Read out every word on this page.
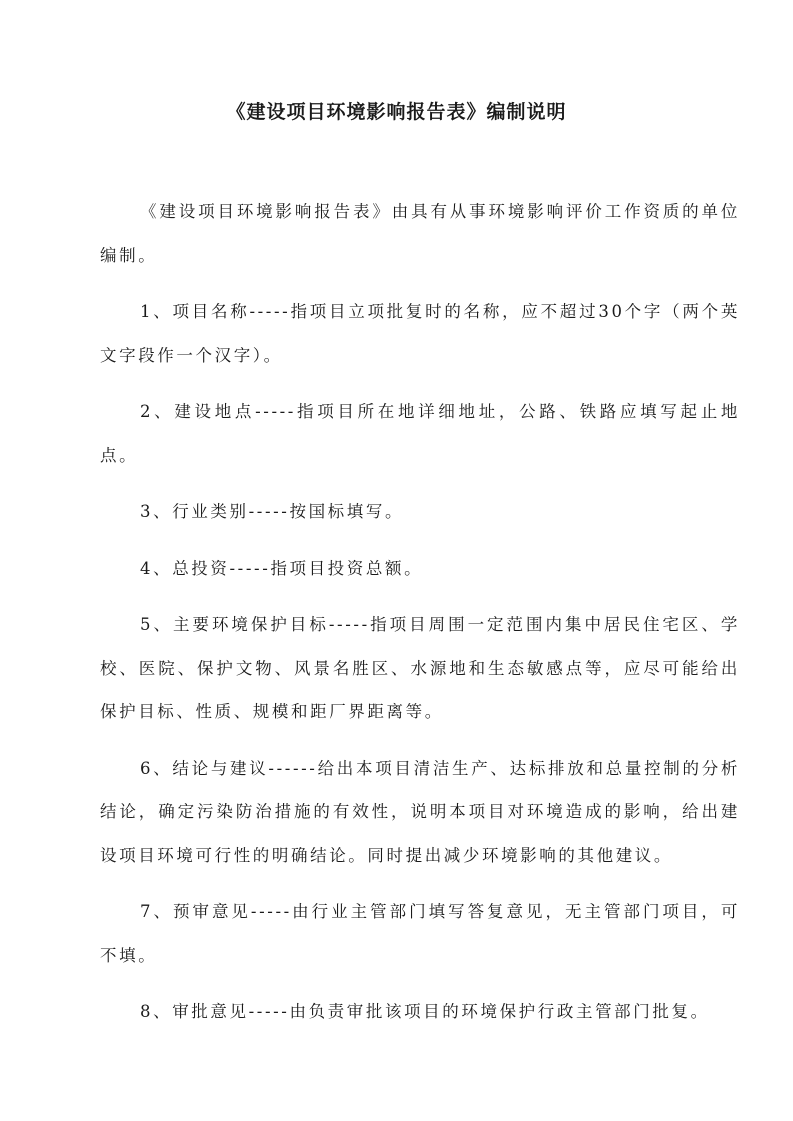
《建设项目环境影响报告表》编制说明

《建设项目环境影响报告表》由具有从事环境影响评价工作资质的单位编制。

1、项目名称-----指项目立项批复时的名称，应不超过30个字（两个英文字段作一个汉字）。

2、建设地点-----指项目所在地详细地址，公路、铁路应填写起止地点。

3、行业类别-----按国标填写。

4、总投资-----指项目投资总额。

5、主要环境保护目标-----指项目周围一定范围内集中居民住宅区、学校、医院、保护文物、风景名胜区、水源地和生态敏感点等，应尽可能给出保护目标、性质、规模和距厂界距离等。

6、结论与建议------给出本项目清洁生产、达标排放和总量控制的分析结论，确定污染防治措施的有效性，说明本项目对环境造成的影响，给出建设项目环境可行性的明确结论。同时提出减少环境影响的其他建议。

7、预审意见-----由行业主管部门填写答复意见，无主管部门项目，可不填。

8、审批意见-----由负责审批该项目的环境保护行政主管部门批复。
